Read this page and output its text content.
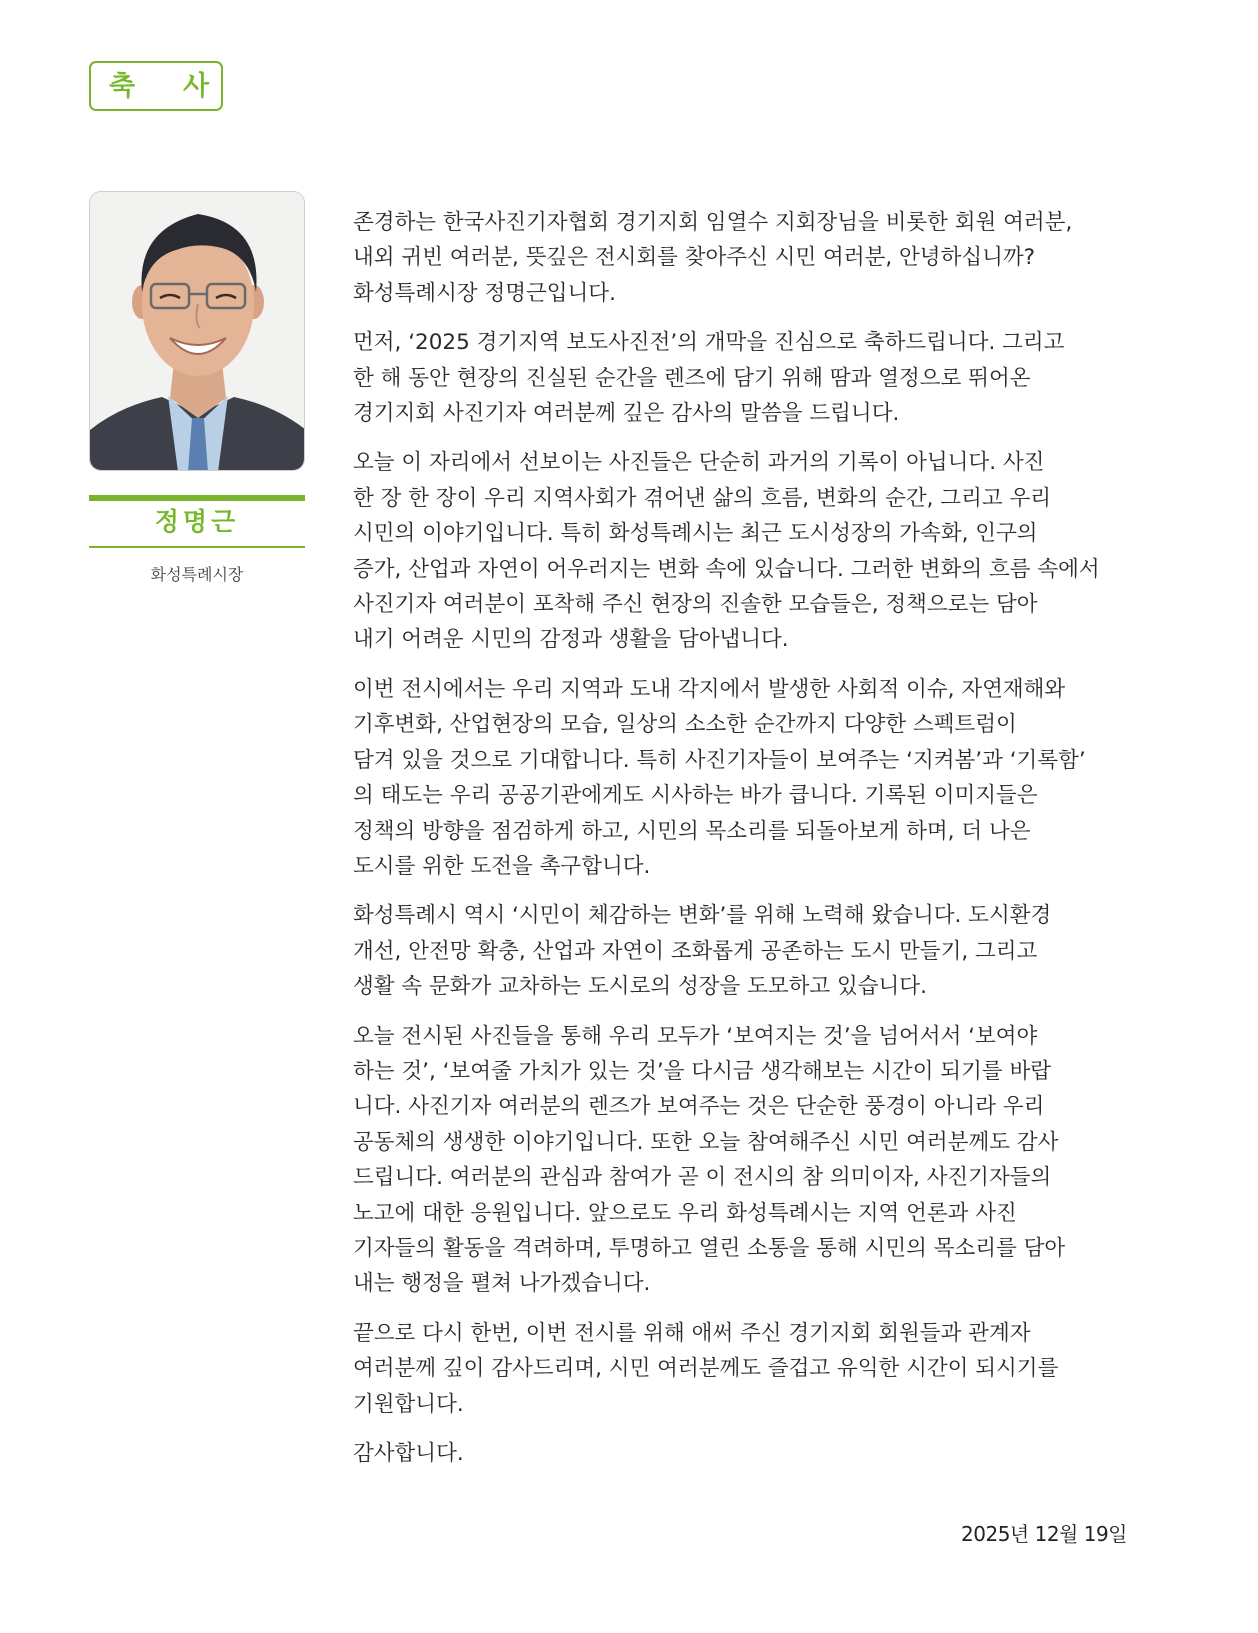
축 사
정명근
화성특례시장
존경하는 한국사진기자협회 경기지회 임열수 지회장님을 비롯한 회원 여러분,
내외 귀빈 여러분, 뜻깊은 전시회를 찾아주신 시민 여러분, 안녕하십니까?
화성특례시장 정명근입니다.
먼저, ‘2025 경기지역 보도사진전’의 개막을 진심으로 축하드립니다. 그리고
한 해 동안 현장의 진실된 순간을 렌즈에 담기 위해 땀과 열정으로 뛰어온
경기지회 사진기자 여러분께 깊은 감사의 말씀을 드립니다.
오늘 이 자리에서 선보이는 사진들은 단순히 과거의 기록이 아닙니다. 사진
한 장 한 장이 우리 지역사회가 겪어낸 삶의 흐름, 변화의 순간, 그리고 우리
시민의 이야기입니다. 특히 화성특례시는 최근 도시성장의 가속화, 인구의
증가, 산업과 자연이 어우러지는 변화 속에 있습니다. 그러한 변화의 흐름 속에서
사진기자 여러분이 포착해 주신 현장의 진솔한 모습들은, 정책으로는 담아
내기 어려운 시민의 감정과 생활을 담아냅니다.
이번 전시에서는 우리 지역과 도내 각지에서 발생한 사회적 이슈, 자연재해와
기후변화, 산업현장의 모습, 일상의 소소한 순간까지 다양한 스펙트럼이
담겨 있을 것으로 기대합니다. 특히 사진기자들이 보여주는 ‘지켜봄’과 ‘기록함’
의 태도는 우리 공공기관에게도 시사하는 바가 큽니다. 기록된 이미지들은
정책의 방향을 점검하게 하고, 시민의 목소리를 되돌아보게 하며, 더 나은
도시를 위한 도전을 촉구합니다.
화성특례시 역시 ‘시민이 체감하는 변화’를 위해 노력해 왔습니다. 도시환경
개선, 안전망 확충, 산업과 자연이 조화롭게 공존하는 도시 만들기, 그리고
생활 속 문화가 교차하는 도시로의 성장을 도모하고 있습니다.
오늘 전시된 사진들을 통해 우리 모두가 ‘보여지는 것’을 넘어서서 ‘보여야
하는 것’, ‘보여줄 가치가 있는 것’을 다시금 생각해보는 시간이 되기를 바랍
니다. 사진기자 여러분의 렌즈가 보여주는 것은 단순한 풍경이 아니라 우리
공동체의 생생한 이야기입니다. 또한 오늘 참여해주신 시민 여러분께도 감사
드립니다. 여러분의 관심과 참여가 곧 이 전시의 참 의미이자, 사진기자들의
노고에 대한 응원입니다. 앞으로도 우리 화성특례시는 지역 언론과 사진
기자들의 활동을 격려하며, 투명하고 열린 소통을 통해 시민의 목소리를 담아
내는 행정을 펼쳐 나가겠습니다.
끝으로 다시 한번, 이번 전시를 위해 애써 주신 경기지회 회원들과 관계자
여러분께 깊이 감사드리며, 시민 여러분께도 즐겁고 유익한 시간이 되시기를
기원합니다.
감사합니다.
2025년 12월 19일
